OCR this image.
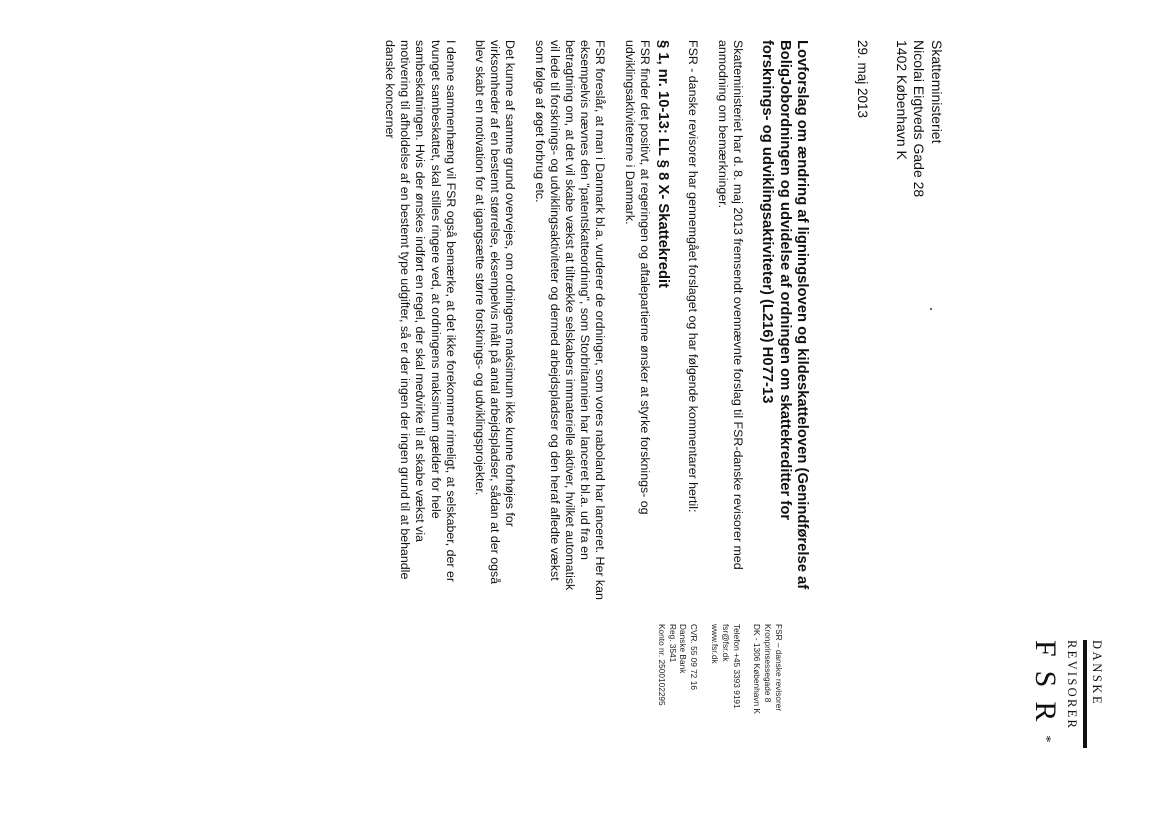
DANSKE
REVISORER
FSR*
FSR – danske revisorer
Kronprinsessegade 8
DK - 1306 København K
Telefon +45 3393 9191
fsr@fsr.dk
www.fsr.dk
CVR. 55 09 72 16
Danske Bank
Reg. 3541
Konto nr. 2500102295
Skatteministeriet
Nicolai Eigtveds Gade 28
1402 København K
29. maj 2013
Lovforslag om ændring af ligningsloven og kildeskatteloven (Genindførelse af BoligJobordningen og udvidelse af ordningen om skattekreditter for forsknings- og udviklingsaktiviteter) (L216) H077-13

Skatteministeriet har d. 8. maj 2013 fremsendt ovennævnte forslag til FSR-danske revisorer med anmodning om bemærkninger.

FSR - danske revisorer har gennemgået forslaget og har følgende kommentarer hertil:

§ 1, nr. 10-13: LL § 8 X- Skattekredit

FSR finder det positivt, at regeringen og aftalepartierne ønsker at styrke forsknings- og udviklingsaktiviteterne i Danmark.

FSR foreslår, at man i Danmark bl.a. vurderer de ordninger, som vores naboland har lanceret. Her kan eksempelvis nævnes den "patentskatteordning", som Storbritannien har lanceret bl.a. ud fra en betragtning om, at det vil skabe vækst at tiltrække selskabers immaterielle aktiver, hvilket automatisk vil lede til forsknings- og udviklingsaktiviteter og dermed arbejdspladser og den heraf afledte vækst som følge af øget forbrug etc.

Det kunne af samme grund overvejes, om ordningens maksimum ikke kunne forhøjes for virksomheder af en bestemt størrelse, eksempelvis målt på antal arbejdspladser, sådan at der også blev skabt en motivation for at igangsætte større forsknings- og udviklingsprojekter.

I denne sammenhæng vil FSR også bemærke, at det ikke forekommer rimeligt, at selskaber, der er tvunget sambeskattet, skal stilles ringere ved, at ordningens maksimum gælder for hele sambeskatningen. Hvis der ønskes indført en regel, der skal medvirke til at skabe vækst via motivering til afholdelse af en bestemt type udgifter, så er der ingen der ingen grund til at behandle danske koncerner
